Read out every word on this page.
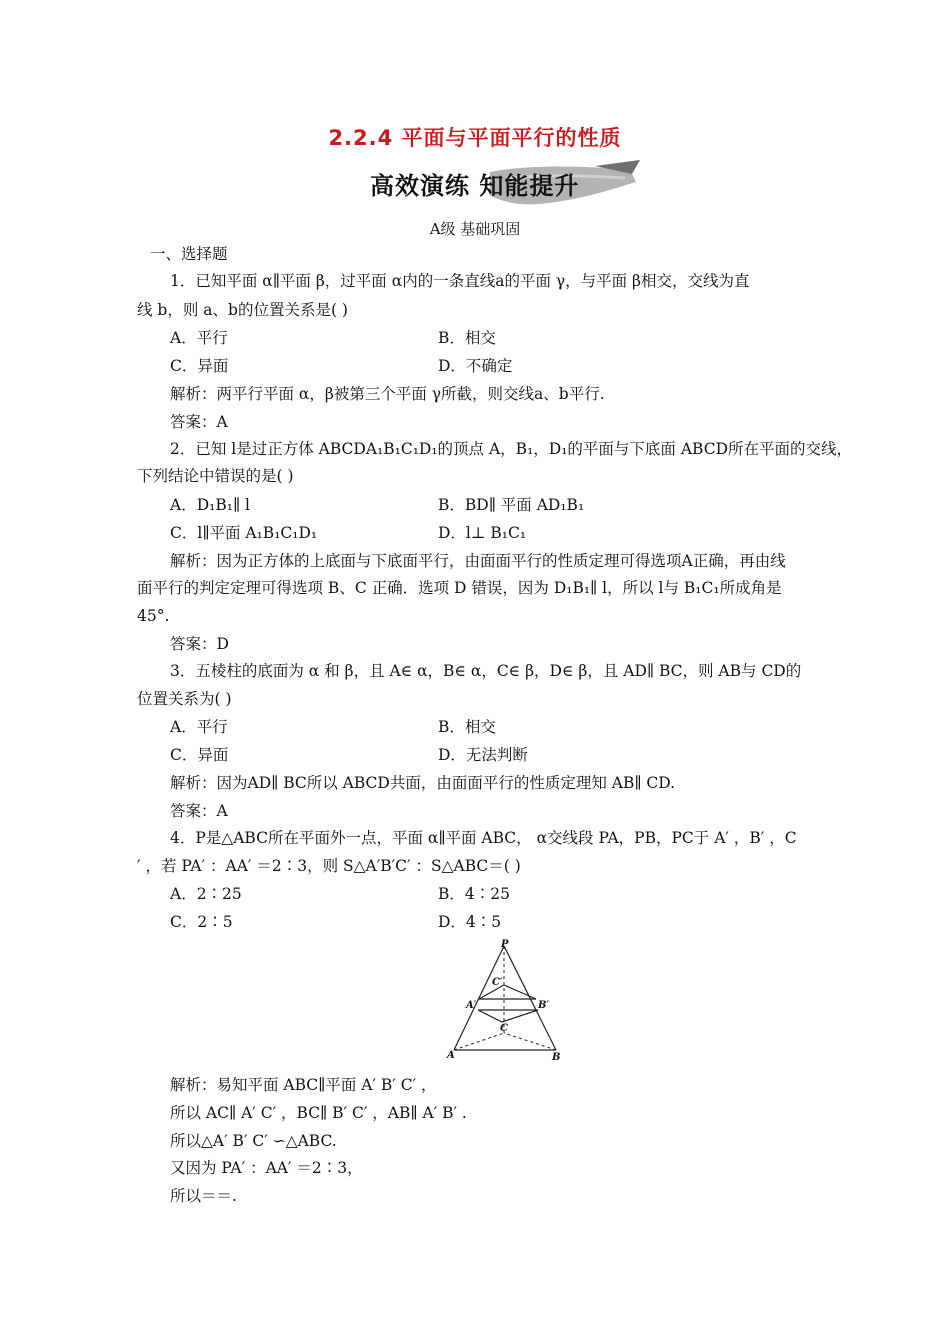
2.2.4 平面与平面平行的性质
高效演练 知能提升
A级 基础巩固
一、选择题
1．已知平面 α∥平面 β，过平面 α内的一条直线a的平面 γ，与平面 β相交，交线为直
线 b，则 a、b的位置关系是( )
A．平行	B．相交
C．异面	D．不确定
解析：两平行平面 α，β被第三个平面 γ所截，则交线a、b平行.
答案：A
2．已知 l是过正方体 ABCDA₁B₁C₁D₁的顶点 A，B₁，D₁的平面与下底面 ABCD所在平面的交线，
下列结论中错误的是( )
A．D₁B₁∥ l	B．BD∥ 平面 AD₁B₁
C．l∥平面 A₁B₁C₁D₁	D．l⊥ B₁C₁
解析：因为正方体的上底面与下底面平行，由面面平行的性质定理可得选项A正确，再由线
面平行的判定定理可得选项 B、C 正确．选项 D 错误，因为 D₁B₁∥ l，所以 l与 B₁C₁所成角是
45°.
答案：D
3．五棱柱的底面为 α 和 β，且 A∈ α，B∈ α，C∈ β，D∈ β，且 AD∥ BC，则 AB与 CD的
位置关系为( )
A．平行	B．相交
C．异面	D．无法判断
解析：因为AD∥ BC所以 ABCD共面，由面面平行的性质定理知 AB∥ CD.
答案：A
4．P是△ABC所在平面外一点，平面 α∥平面 ABC， α交线段 PA，PB，PC于 A′ ，B′ ，C
′ ，若 PA′ ：AA′ ＝2∶3，则 S△A′B′C′ ：S△ABC＝( )
A．2∶25	B．4∶25
C．2∶5	D．4∶5
P
C′
A′	B′
C
A	B
解析：易知平面 ABC∥平面 A′ B′ C′ ，
所以 AC∥ A′ C′ ，BC∥ B′ C′ ，AB∥ A′ B′ .
所以△A′ B′ C′ ∽△ABC.
又因为 PA′ ：AA′ ＝2∶3，
所以＝＝.
